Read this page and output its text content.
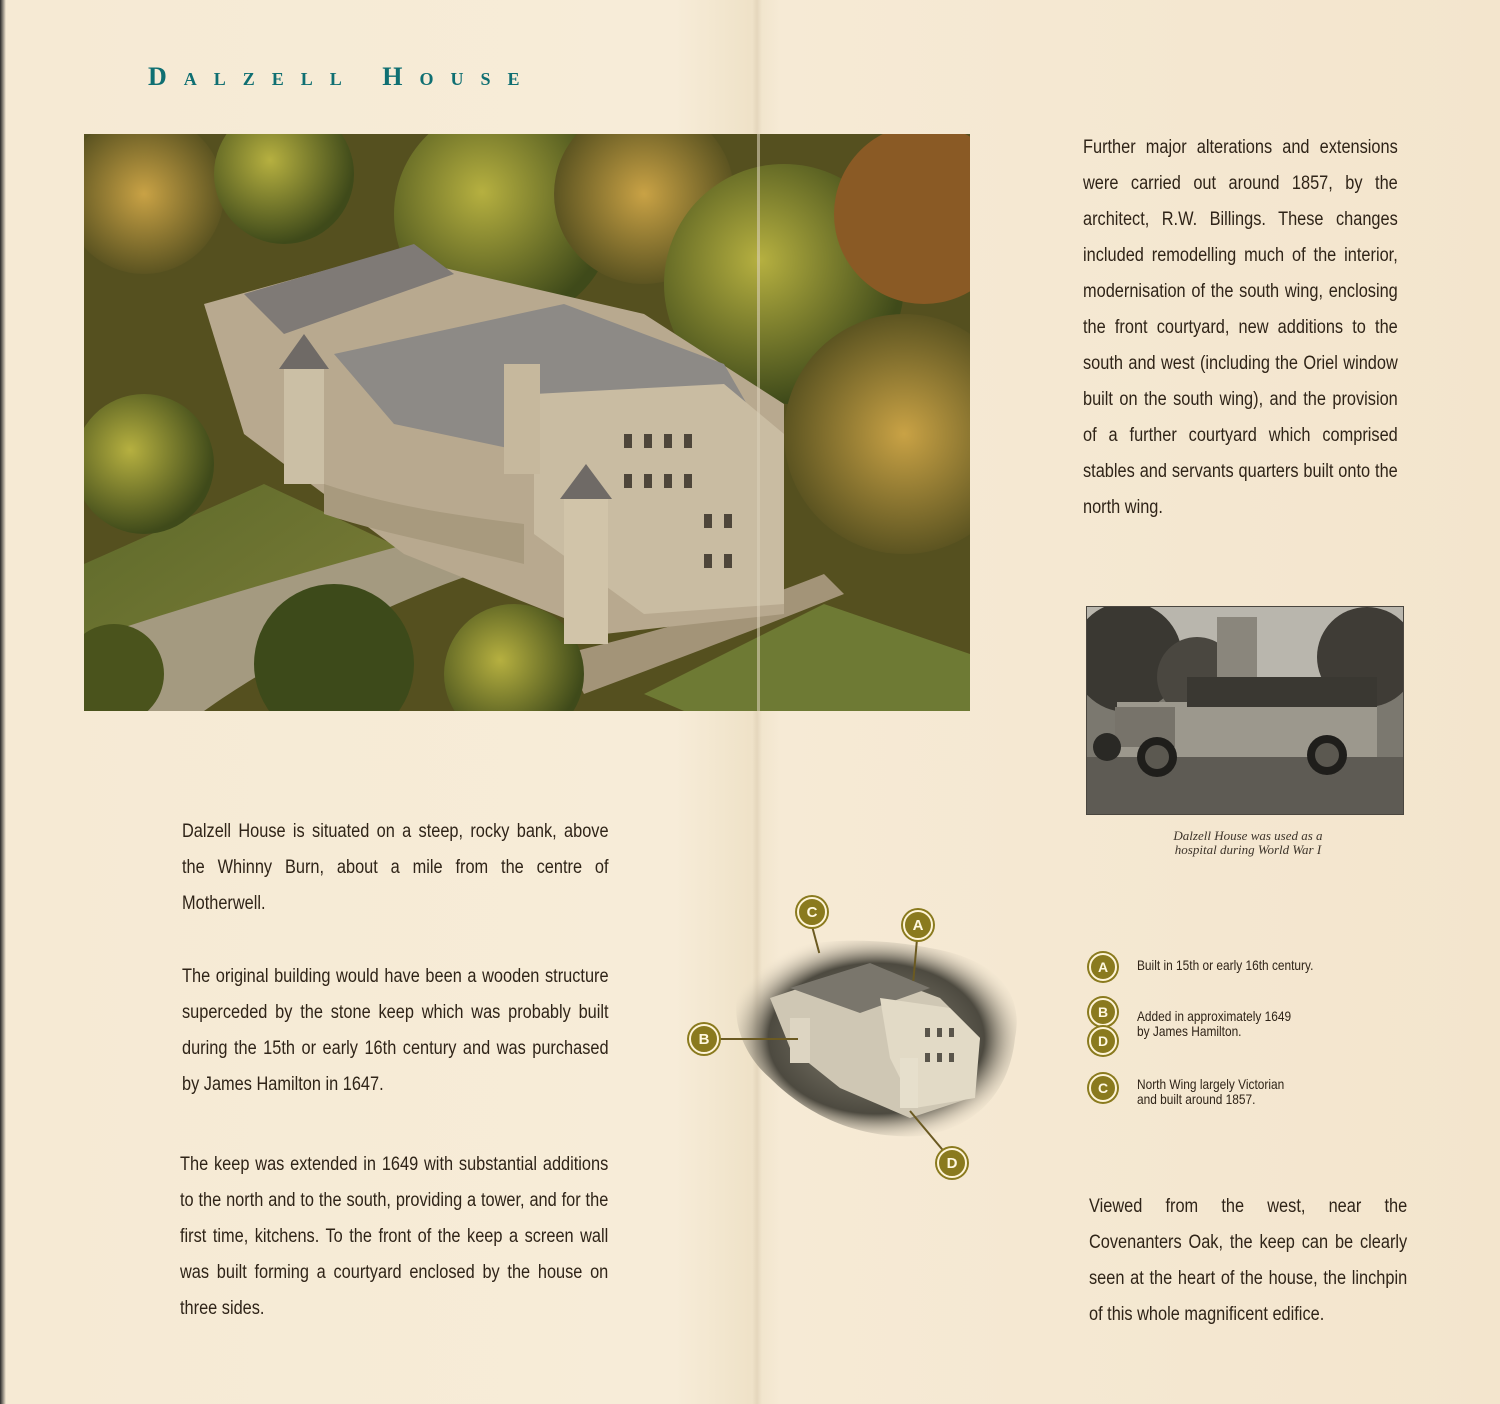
Dalzell House
Further major alterations and extensions were carried out around 1857, by the architect, R.W. Billings. These changes included remodelling much of the interior, modernisation of the south wing, enclosing the front courtyard, new additions to the south and west (including the Oriel window built on the south wing), and the provision of a further courtyard which comprised stables and servants quarters built onto the north wing.
Dalzell House was used as a
hospital during World War I
Dalzell House is situated on a steep, rocky bank, above the Whinny Burn, about a mile from the centre of Motherwell.
The original building would have been a wooden structure superceded by the stone keep which was probably built during the 15th or early 16th century and was purchased by James Hamilton in 1647.
The keep was extended in 1649 with substantial additions to the north and to the south, providing a tower, and for the first time, kitchens. To the front of the keep a screen wall was built forming a courtyard enclosed by the house on three sides.
C
A
B
D
A	Built in 15th or early 16th century.
B
D
Added in approximately 1649
by James Hamilton.
C	North Wing largely Victorian
and built around 1857.
Viewed from the west, near the Covenanters Oak, the keep can be clearly seen at the heart of the house, the linchpin of this whole magnificent edifice.
